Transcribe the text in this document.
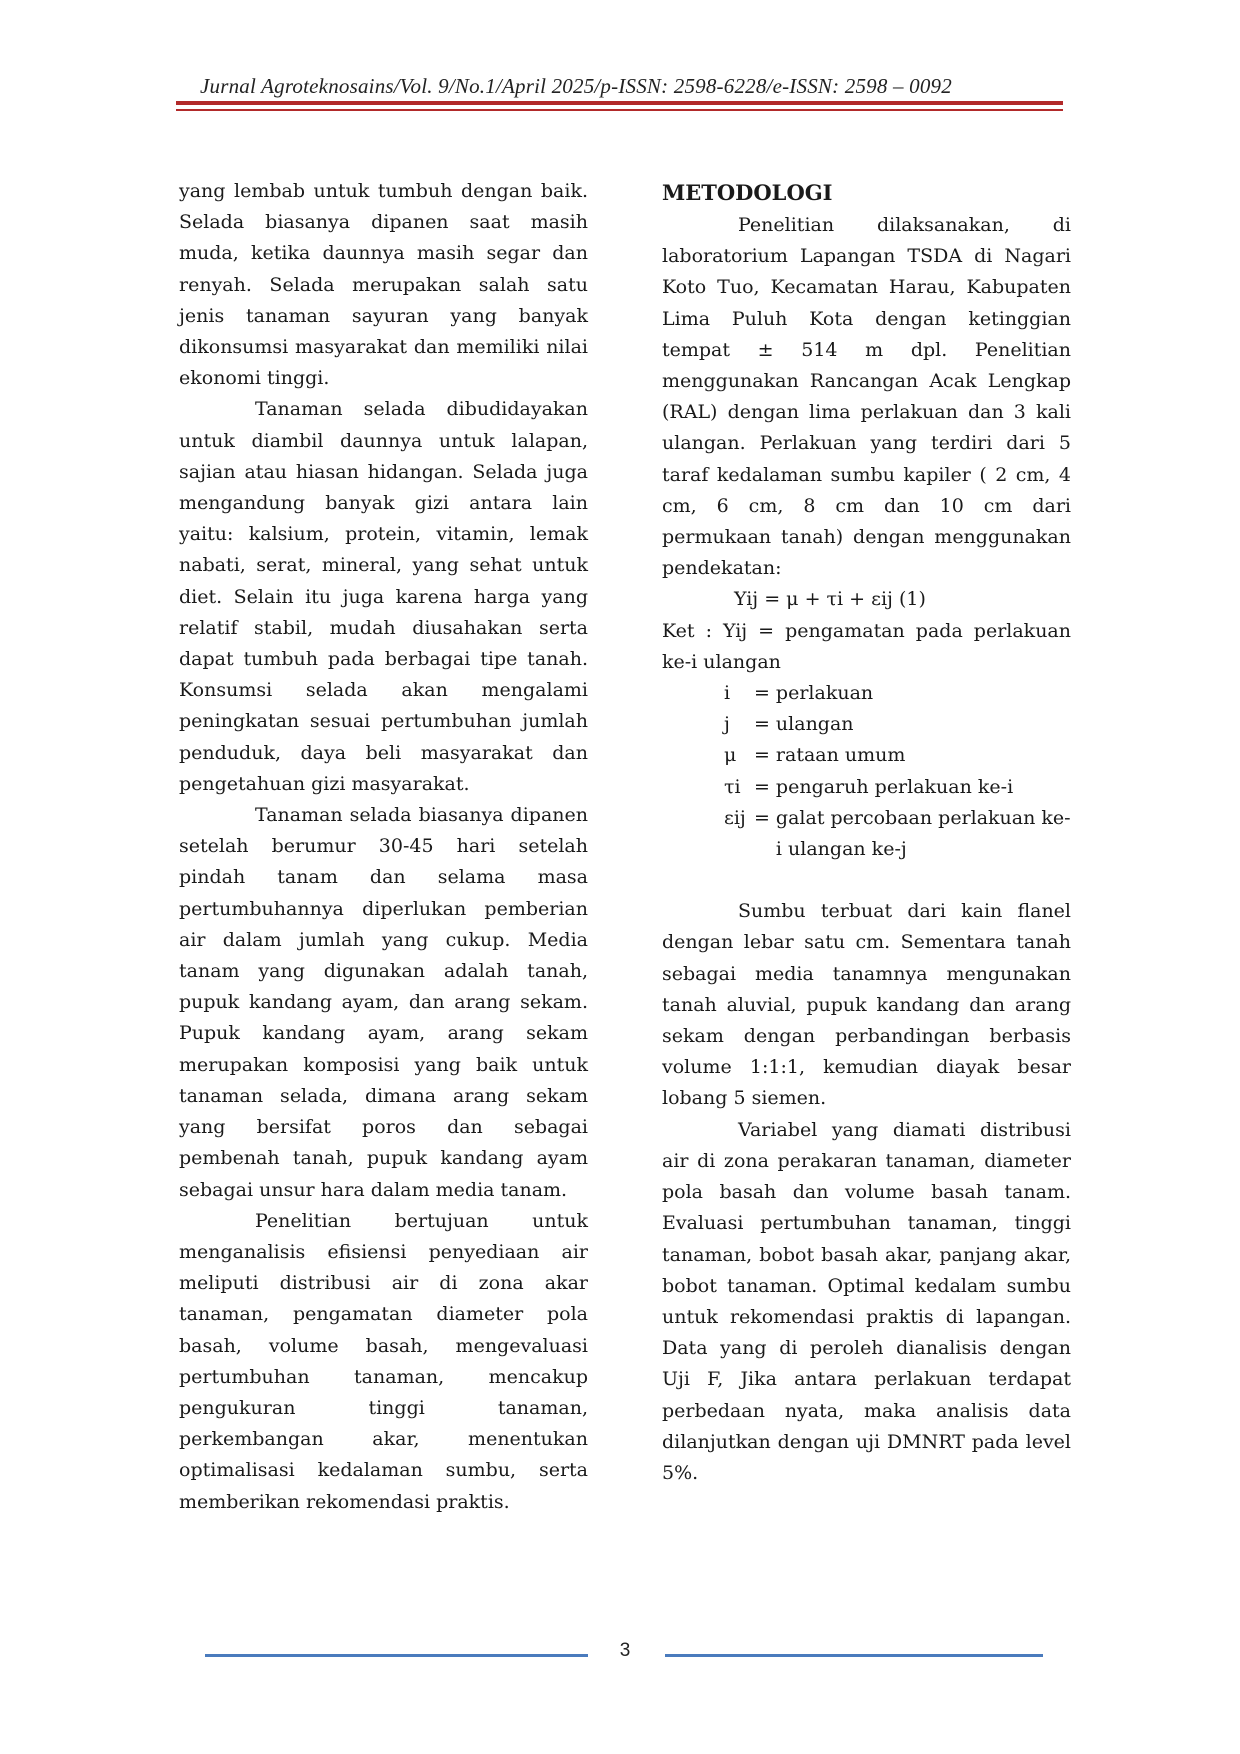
Jurnal Agroteknosains/Vol. 9/No.1/April 2025/p-ISSN: 2598-6228/e-ISSN: 2598 – 0092

yang lembab untuk tumbuh dengan baik. Selada biasanya dipanen saat masih muda, ketika daunnya masih segar dan renyah. Selada merupakan salah satu jenis tanaman sayuran yang banyak dikonsumsi masyarakat dan memiliki nilai ekonomi tinggi.

Tanaman selada dibudidayakan untuk diambil daunnya untuk lalapan, sajian atau hiasan hidangan. Selada juga mengandung banyak gizi antara lain yaitu: kalsium, protein, vitamin, lemak nabati, serat, mineral, yang sehat untuk diet. Selain itu juga karena harga yang relatif stabil, mudah diusahakan serta dapat tumbuh pada berbagai tipe tanah. Konsumsi selada akan mengalami peningkatan sesuai pertumbuhan jumlah penduduk, daya beli masyarakat dan pengetahuan gizi masyarakat.

Tanaman selada biasanya dipanen setelah berumur 30-45 hari setelah pindah tanam dan selama masa pertumbuhannya diperlukan pemberian air dalam jumlah yang cukup. Media tanam yang digunakan adalah tanah, pupuk kandang ayam, dan arang sekam. Pupuk kandang ayam, arang sekam merupakan komposisi yang baik untuk tanaman selada, dimana arang sekam yang bersifat poros dan sebagai pembenah tanah, pupuk kandang ayam sebagai unsur hara dalam media tanam.

Penelitian bertujuan untuk menganalisis efisiensi penyediaan air meliputi distribusi air di zona akar tanaman, pengamatan diameter pola basah, volume basah, mengevaluasi pertumbuhan tanaman, mencakup pengukuran tinggi tanaman, perkembangan akar, menentukan optimalisasi kedalaman sumbu, serta memberikan rekomendasi praktis.

METODOLOGI

Penelitian dilaksanakan, di laboratorium Lapangan TSDA di Nagari Koto Tuo, Kecamatan Harau, Kabupaten Lima Puluh Kota dengan ketinggian tempat ± 514 m dpl. Penelitian menggunakan Rancangan Acak Lengkap (RAL) dengan lima perlakuan dan 3 kali ulangan. Perlakuan yang terdiri dari 5 taraf kedalaman sumbu kapiler ( 2 cm, 4 cm, 6 cm, 8 cm dan 10 cm dari permukaan tanah) dengan menggunakan pendekatan:

Yij = μ + τi + εij (1)

Ket : Yij = pengamatan pada perlakuan ke-i ulangan

i	= perlakuan
j	= ulangan
μ = rataan umum
τi = pengaruh perlakuan ke-i
εij = galat percobaan perlakuan ke-i ulangan ke-j

Sumbu terbuat dari kain flanel dengan lebar satu cm. Sementara tanah sebagai media tanamnya mengunakan tanah aluvial, pupuk kandang dan arang sekam dengan perbandingan berbasis volume 1:1:1, kemudian diayak besar lobang 5 siemen.

Variabel yang diamati distribusi air di zona perakaran tanaman, diameter pola basah dan volume basah tanam. Evaluasi pertumbuhan tanaman, tinggi tanaman, bobot basah akar, panjang akar, bobot tanaman. Optimal kedalam sumbu untuk rekomendasi praktis di lapangan. Data yang di peroleh dianalisis dengan Uji F, Jika antara perlakuan terdapat perbedaan nyata, maka analisis data dilanjutkan dengan uji DMNRT pada level 5%.

3
